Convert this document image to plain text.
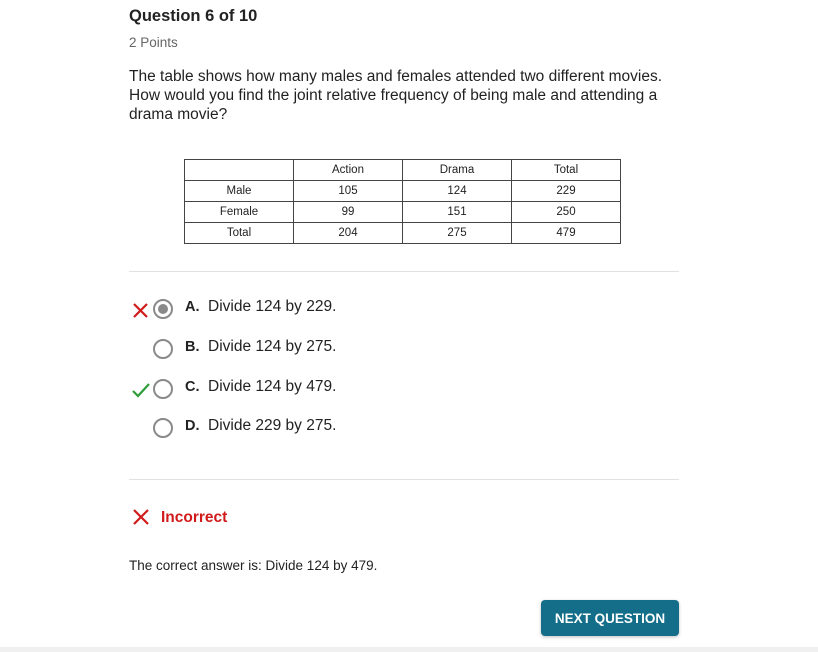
Question 6 of 10
2 Points
The table shows how many males and females attended two different movies. How would you find the joint relative frequency of being male and attending a drama movie?
	Action	Drama	Total
Male	105	124	229
Female	99	151	250
Total	204	275	479
A. Divide 124 by 229.
B. Divide 124 by 275.
C. Divide 124 by 479.
D. Divide 229 by 275.
Incorrect
The correct answer is: Divide 124 by 479.
NEXT QUESTION
